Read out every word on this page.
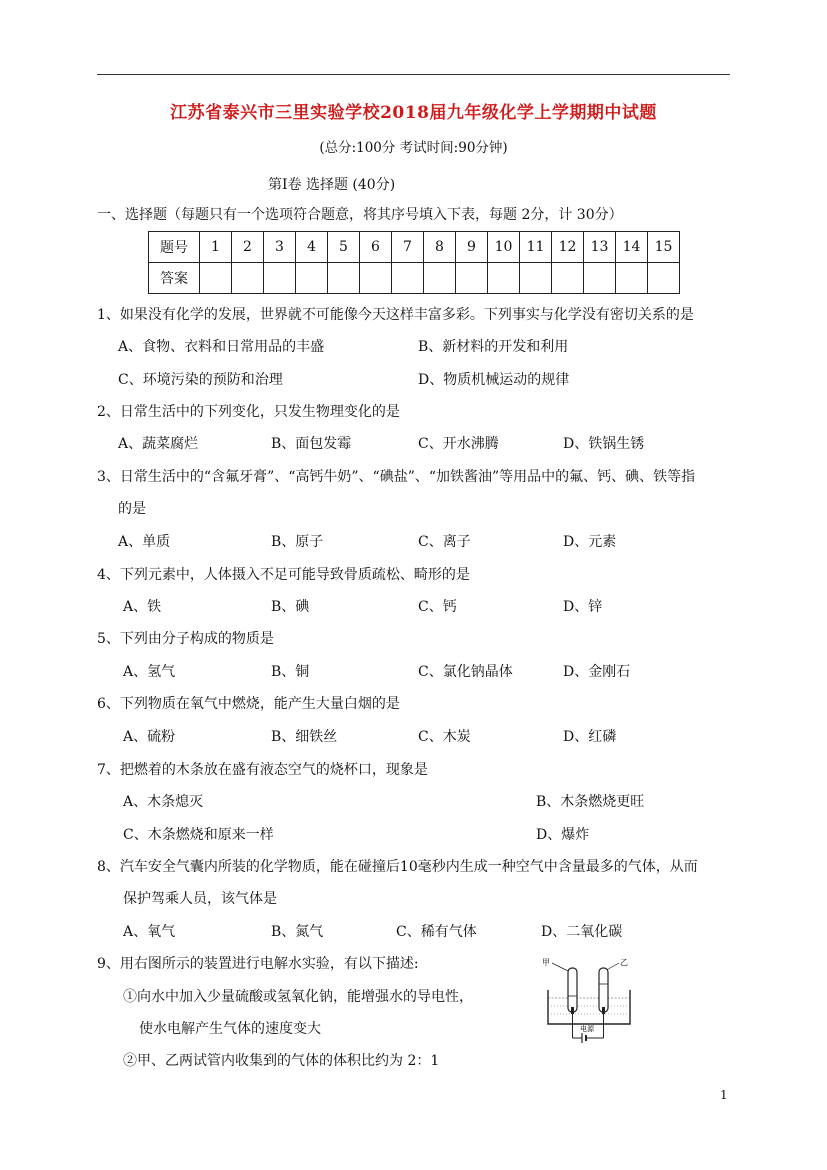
江苏省泰兴市三里实验学校2018届九年级化学上学期期中试题
(总分:100分 考试时间:90分钟)
第Ⅰ卷 选择题 (40分)
一、选择题（每题只有一个选项符合题意，将其序号填入下表，每题 2分，计 30分）
题号	1	2	3	4	5	6	7	8	9	10	11	12	13	14	15
答案															
1、如果没有化学的发展，世界就不可能像今天这样丰富多彩。下列事实与化学没有密切关系的是
A、食物、衣料和日常用品的丰盛	B、新材料的开发和利用
C、环境污染的预防和治理	D、物质机械运动的规律
2、日常生活中的下列变化，只发生物理变化的是
A、蔬菜腐烂	B、面包发霉	C、开水沸腾	D、铁锅生锈
3、日常生活中的“含氟牙膏”、“高钙牛奶”、“碘盐”、“加铁酱油”等用品中的氟、钙、碘、铁等指
的是
A、单质	B、原子	C、离子	D、元素
4、下列元素中，人体摄入不足可能导致骨质疏松、畸形的是
A、铁	B、碘	C、钙	D、锌
5、下列由分子构成的物质是
A、氢气	B、铜	C、氯化钠晶体	D、金刚石
6、下列物质在氧气中燃烧，能产生大量白烟的是
A、硫粉	B、细铁丝	C、木炭	D、红磷
7、把燃着的木条放在盛有液态空气的烧杯口，现象是
A、木条熄灭	B、木条燃烧更旺
C、木条燃烧和原来一样	D、爆炸
8、汽车安全气囊内所装的化学物质，能在碰撞后10毫秒内生成一种空气中含量最多的气体，从而
保护驾乘人员，该气体是
A、氧气	B、氮气	C、稀有气体	D、二氧化碳
9、用右图所示的装置进行电解水实验，有以下描述:
①向水中加入少量硫酸或氢氧化钠，能增强水的导电性，
使水电解产生气体的速度变大
②甲、乙两试管内收集到的气体的体积比约为 2：1
甲	乙
电源
1
